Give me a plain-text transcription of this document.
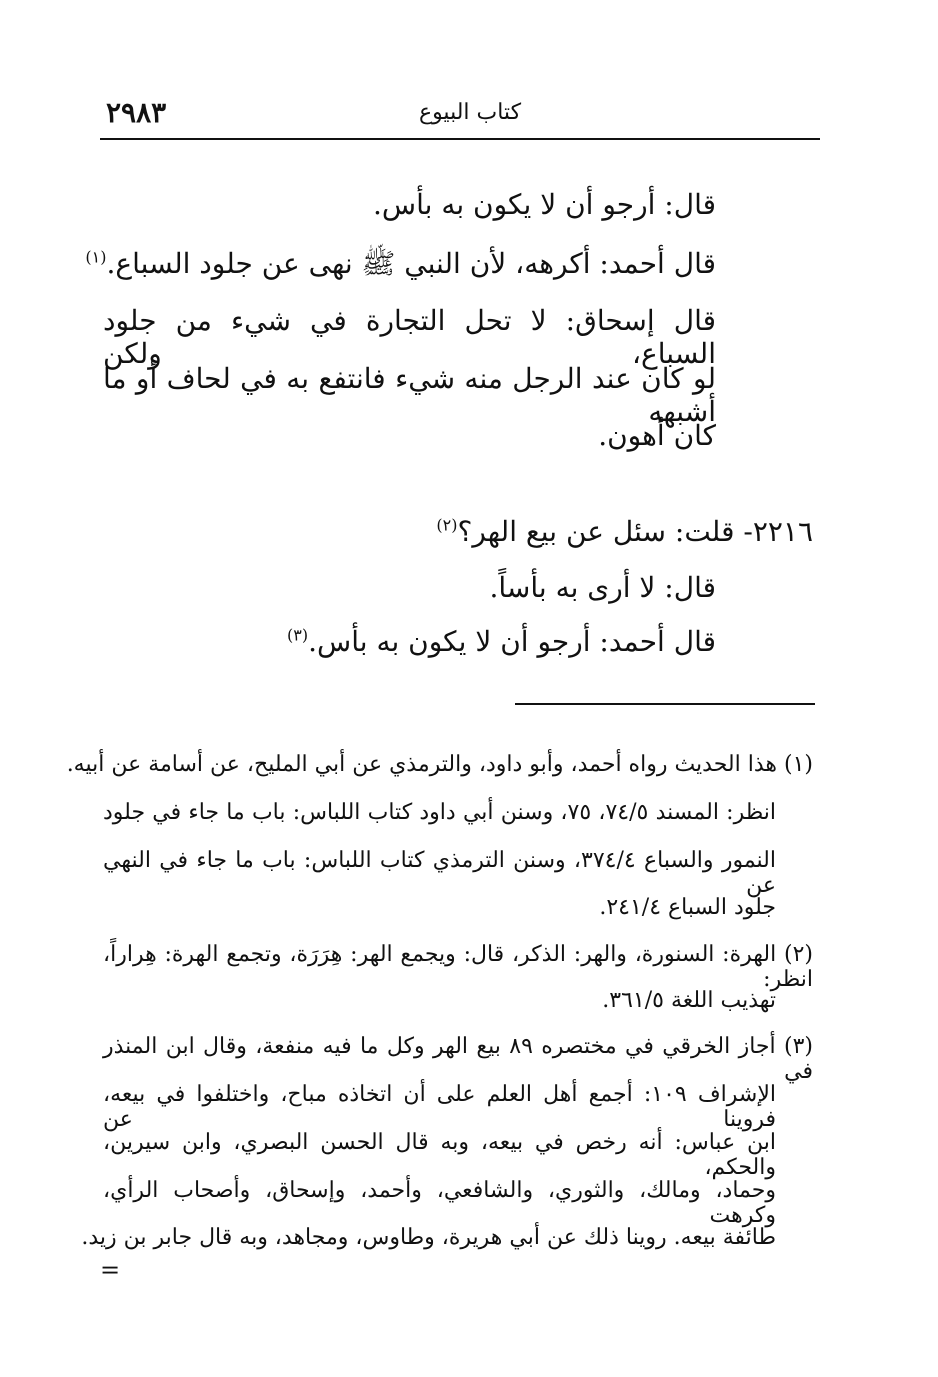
٢٩٨٣	كتاب البيوع
قال: أرجو أن لا يكون به بأس.
قال أحمد: أكرهه، لأن النبي ﷺ نهى عن جلود السباع.$^{(١)}$
قال إسحاق: لا تحل التجارة في شيء من جلود السباع، ولكن
لو كان عند الرجل منه شيء فانتفع به في لحاف أو ما أشبهه
كان أهون.
٢٢١٦- قلت: سئل عن بيع الهر؟$^{(٢)}$
قال: لا أرى به بأساً.
قال أحمد: أرجو أن لا يكون به بأس.$^{(٣)}$
(١) هذا الحديث رواه أحمد، وأبو داود، والترمذي عن أبي المليح، عن أسامة عن أبيه.
انظر: المسند ٧٤/٥، ٧٥، وسنن أبي داود كتاب اللباس: باب ما جاء في جلود
النمور والسباع ٣٧٤/٤، وسنن الترمذي كتاب اللباس: باب ما جاء في النهي عن
جلود السباع ٢٤١/٤.
(٢) الهرة: السنورة، والهر: الذكر، قال: ويجمع الهر: هِرَرَة، وتجمع الهرة: هِراراً، انظر:
تهذيب اللغة ٣٦١/٥.
(٣) أجاز الخرقي في مختصره ٨٩ بيع الهر وكل ما فيه منفعة، وقال ابن المنذر في
الإشراف ١٠٩: أجمع أهل العلم على أن اتخاذه مباح، واختلفوا في بيعه، فروينا عن
ابن عباس: أنه رخص في بيعه، وبه قال الحسن البصري، وابن سيرين، والحكم،
وحماد، ومالك، والثوري، والشافعي، وأحمد، وإسحاق، وأصحاب الرأي، وكرهت
طائفة بيعه. روينا ذلك عن أبي هريرة، وطاوس، ومجاهد، وبه قال جابر بن زيد.
=
